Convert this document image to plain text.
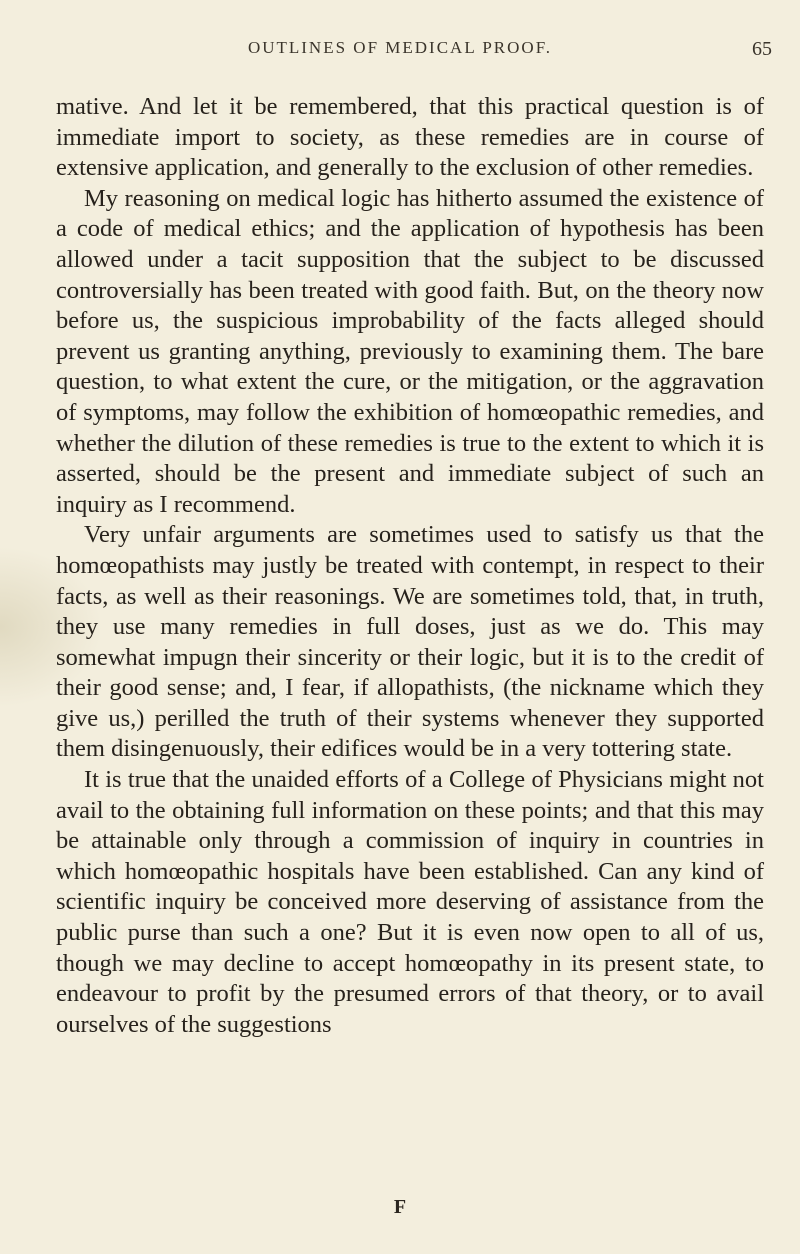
OUTLINES OF MEDICAL PROOF.	65

mative. And let it be remembered, that this practical question is of immediate import to society, as these remedies are in course of extensive application, and generally to the exclusion of other remedies.

My reasoning on medical logic has hitherto assumed the existence of a code of medical ethics; and the application of hypothesis has been allowed under a tacit supposition that the subject to be discussed controversially has been treated with good faith. But, on the theory now before us, the suspicious improbability of the facts alleged should prevent us granting anything, previously to examining them. The bare question, to what extent the cure, or the mitigation, or the aggravation of symptoms, may follow the exhibition of homœopathic remedies, and whether the dilution of these remedies is true to the extent to which it is asserted, should be the present and immediate subject of such an inquiry as I recommend.

Very unfair arguments are sometimes used to satisfy us that the homœopathists may justly be treated with contempt, in respect to their facts, as well as their reasonings. We are sometimes told, that, in truth, they use many remedies in full doses, just as we do. This may somewhat impugn their sincerity or their logic, but it is to the credit of their good sense; and, I fear, if allopathists, (the nickname which they give us,) perilled the truth of their systems whenever they supported them disingenuously, their edifices would be in a very tottering state.

It is true that the unaided efforts of a College of Physicians might not avail to the obtaining full information on these points; and that this may be attainable only through a commission of inquiry in countries in which homœopathic hospitals have been established. Can any kind of scientific inquiry be conceived more deserving of assistance from the public purse than such a one? But it is even now open to all of us, though we may decline to accept homœopathy in its present state, to endeavour to profit by the presumed errors of that theory, or to avail ourselves of the suggestions

F
